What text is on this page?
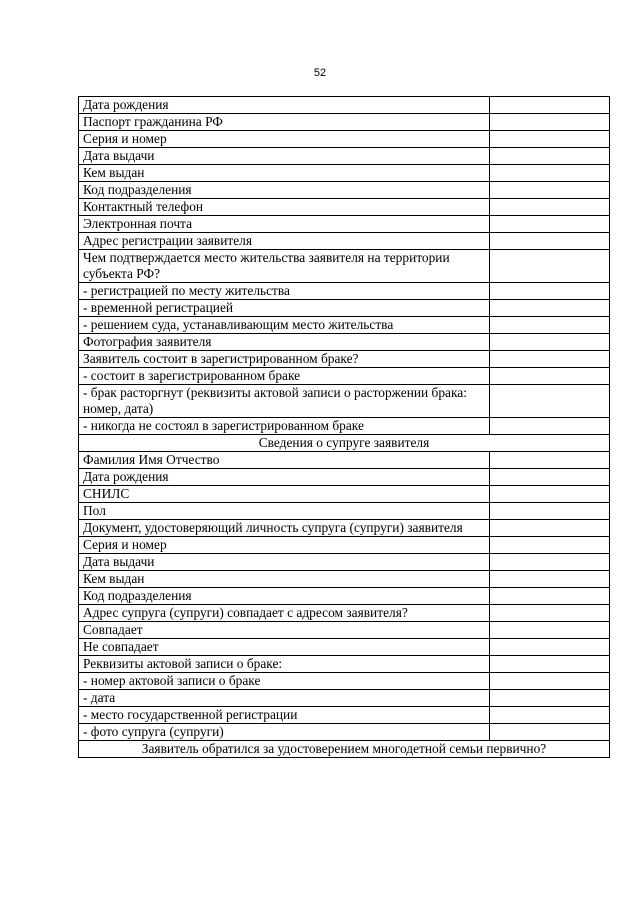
52
Дата рождения	
Паспорт гражданина РФ	
Серия и номер	
Дата выдачи	
Кем выдан	
Код подразделения	
Контактный телефон	
Электронная почта	
Адрес регистрации заявителя	
Чем подтверждается место жительства заявителя на территории субъекта РФ?	
- регистрацией по месту жительства	
- временной регистрацией	
- решением суда, устанавливающим место жительства	
Фотография заявителя	
Заявитель состоит в зарегистрированном браке?	
- состоит в зарегистрированном браке	
- брак расторгнут (реквизиты актовой записи о расторжении брака: номер, дата)	
- никогда не состоял в зарегистрированном браке	
Сведения о супруге заявителя	
Фамилия Имя Отчество	
Дата рождения	
СНИЛС	
Пол	
Документ, удостоверяющий личность супруга (супруги) заявителя	
Серия и номер	
Дата выдачи	
Кем выдан	
Код подразделения	
Адрес супруга (супруги) совпадает с адресом заявителя?	
Совпадает	
Не совпадает	
Реквизиты актовой записи о браке:	
- номер актовой записи о браке	
- дата	
- место государственной регистрации	
- фото супруга (супруги)	
Заявитель обратился за удостоверением многодетной семьи первично?	
